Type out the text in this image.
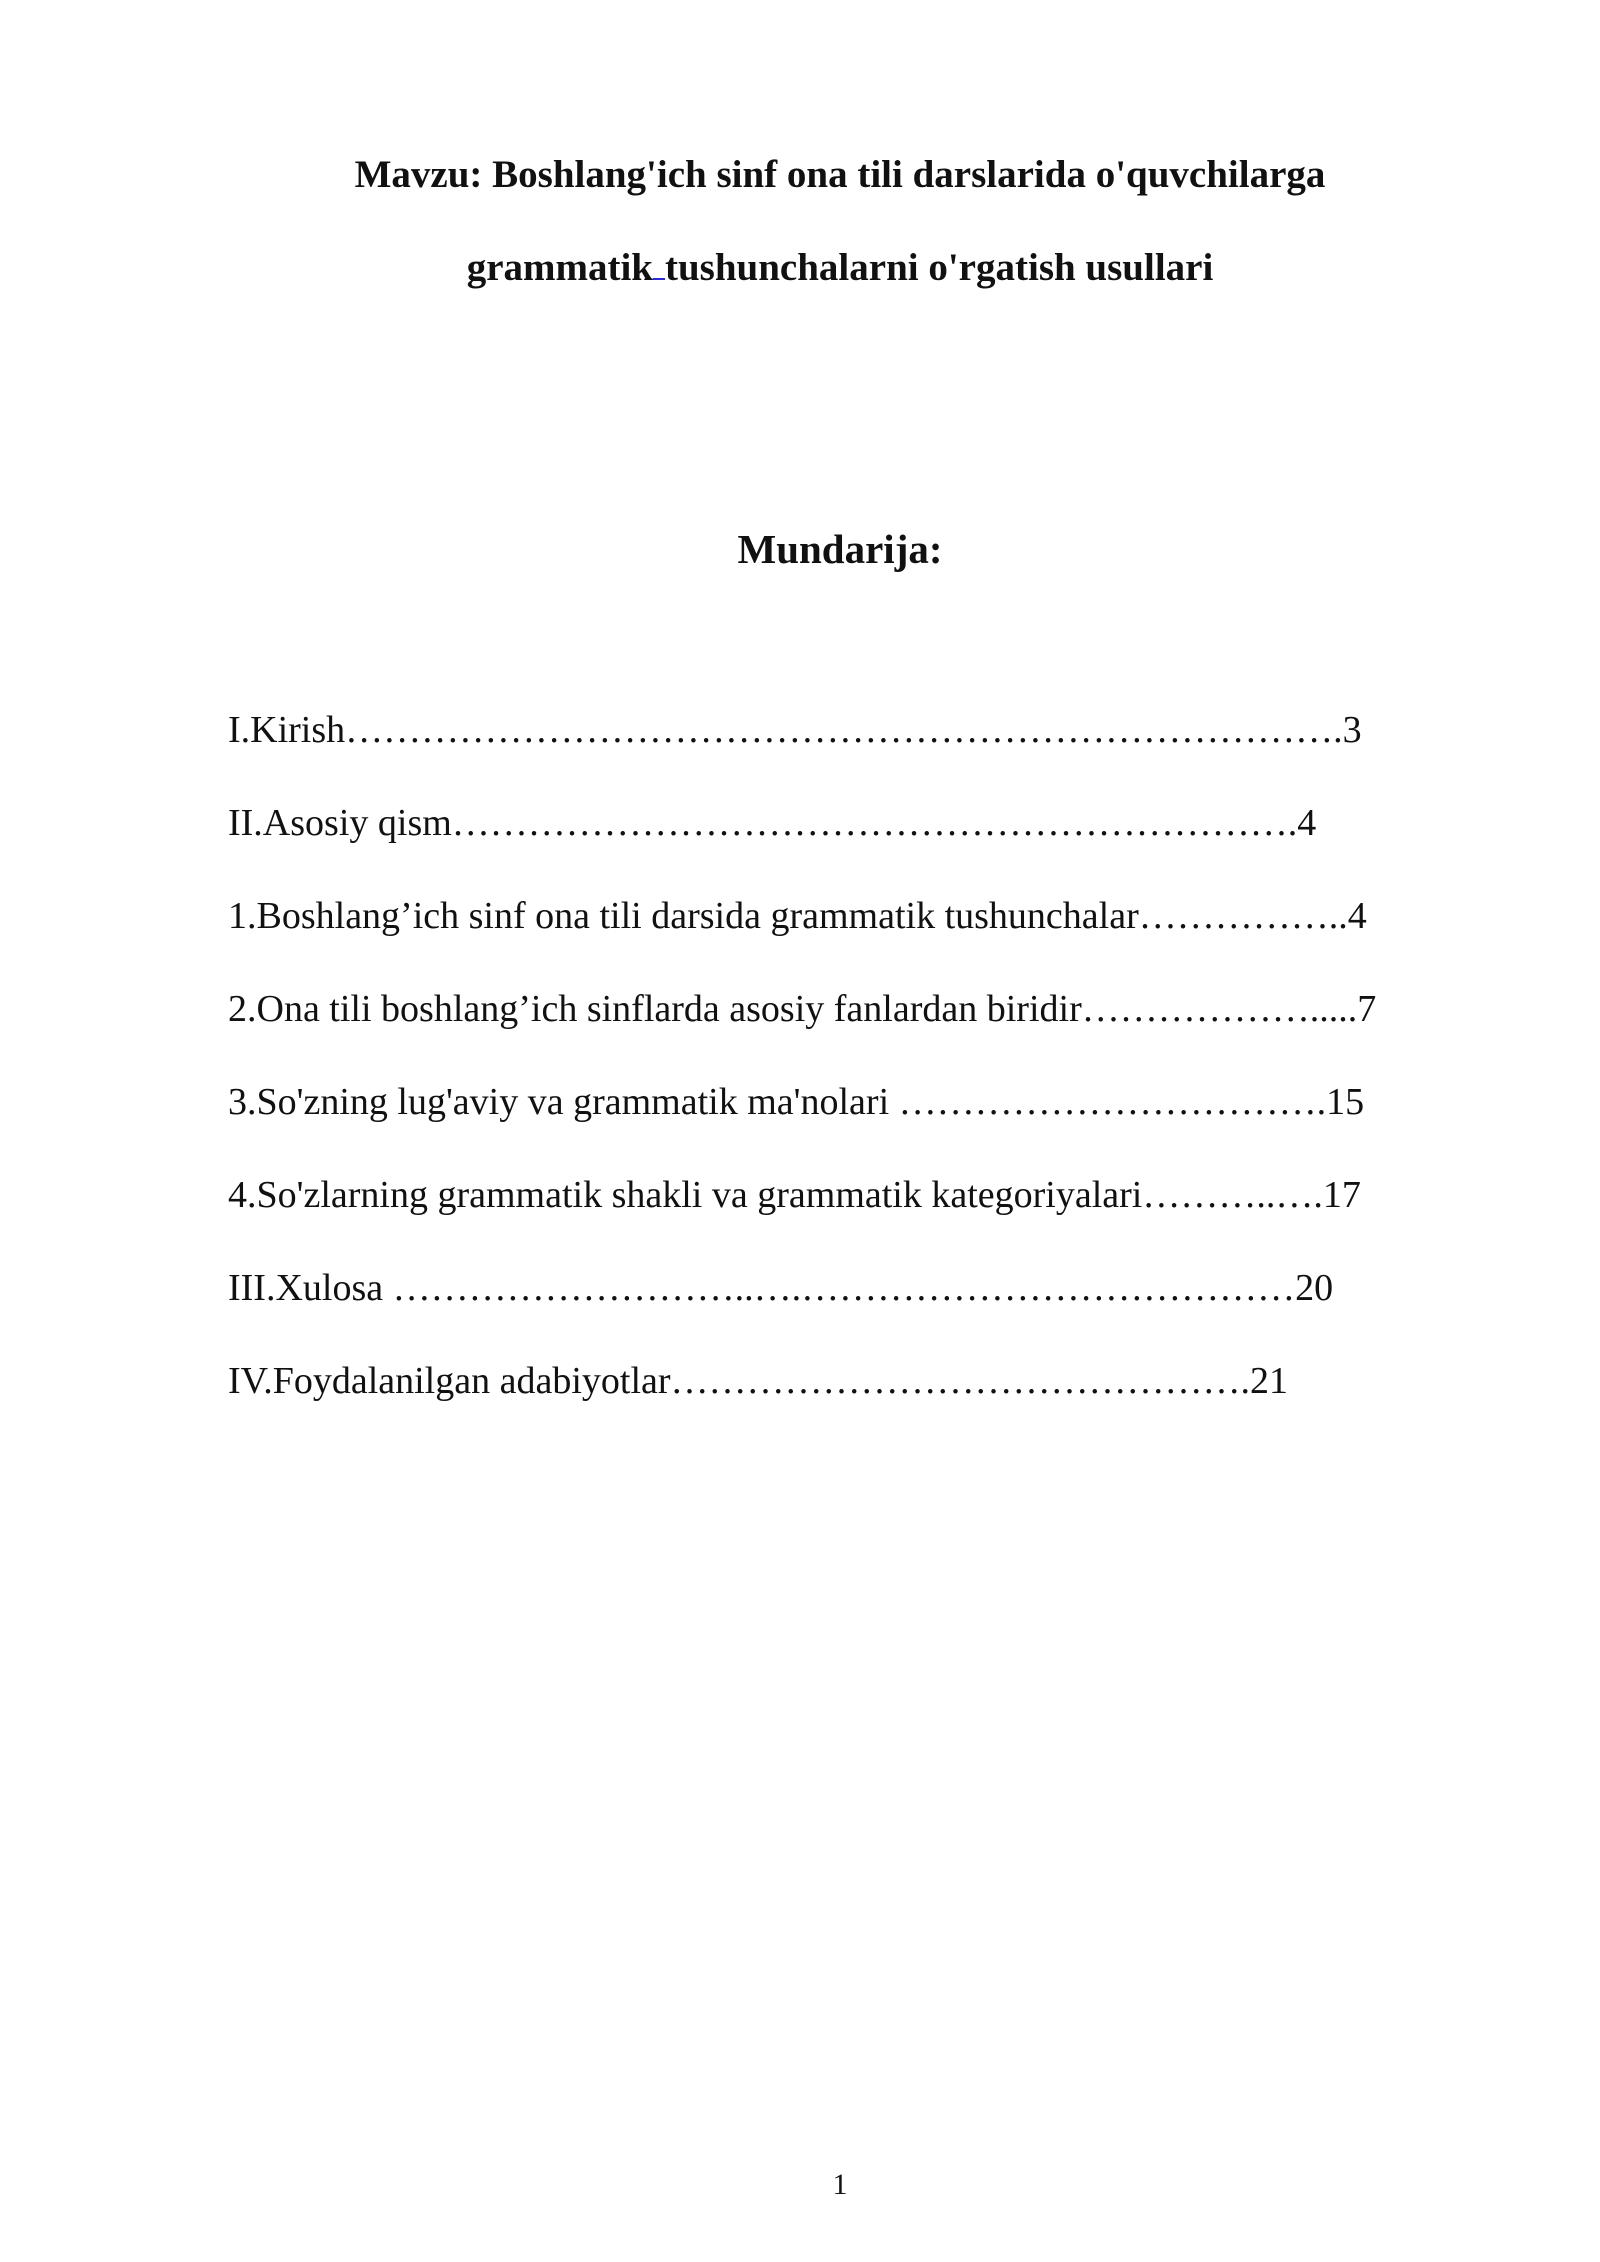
Mavzu: Boshlang'ich sinf ona tili darslarida o'quvchilarga
grammatik tushunchalarni o'rgatish usullari
Mundarija:
I.Kirish…………………………………………………………………….3
II.Asosiy qism………………………………………………………….4
1.Boshlang’ich sinf ona tili darsida grammatik tushunchalar……………..4
2.Ona tili boshlang’ich sinflarda asosiy fanlardan biridir……………….....7
3.So'zning lug'aviy va grammatik ma'nolari …………………………….15
4.So'zlarning grammatik shakli va grammatik kategoriyalari………..….17
III.Xulosa ………………………..….…………………………………20
IV.Foydalanilgan adabiyotlar……………………………………….21
1
